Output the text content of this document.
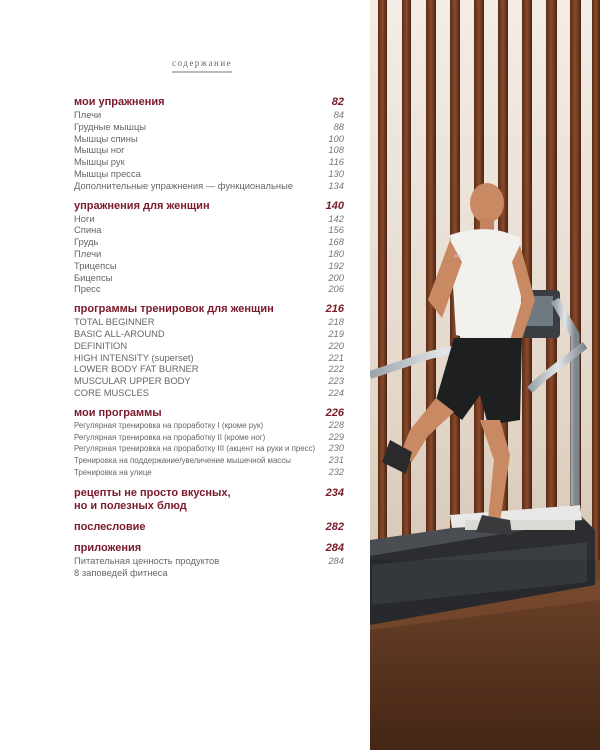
содержание
мои упражнения	82
Плечи	84
Грудные мышцы	88
Мышцы спины	100
Мышцы ног	108
Мышцы рук	116
Мышцы пресса	130
Дополнительные упражнения — функциональные	134
упражнения для женщин	140
Ноги	142
Спина	156
Грудь	168
Плечи	180
Трицепсы	192
Бицепсы	200
Пресс	206
программы тренировок для женщин	216
TOTAL BEGINNER	218
BASIC ALL-AROUND	219
DEFINITION	220
HIGH INTENSITY (superset)	221
LOWER BODY FAT BURNER	222
MUSCULAR UPPER BODY	223
CORE MUSCLES	224
мои программы	226
Регулярная тренировка на проработку I (кроме рук)	228
Регулярная тренировка на проработку II (кроме ног)	229
Регулярная тренировка на проработку III (акцент на руки и пресс) 230
Тренировка на поддержание/увеличение мышечной массы	231
Тренировка на улице	232
рецепты не просто вкусных,
но и полезных блюд
234
послесловие	282
приложения	284
Питательная ценность продуктов	284
8 заповедей фитнеса
